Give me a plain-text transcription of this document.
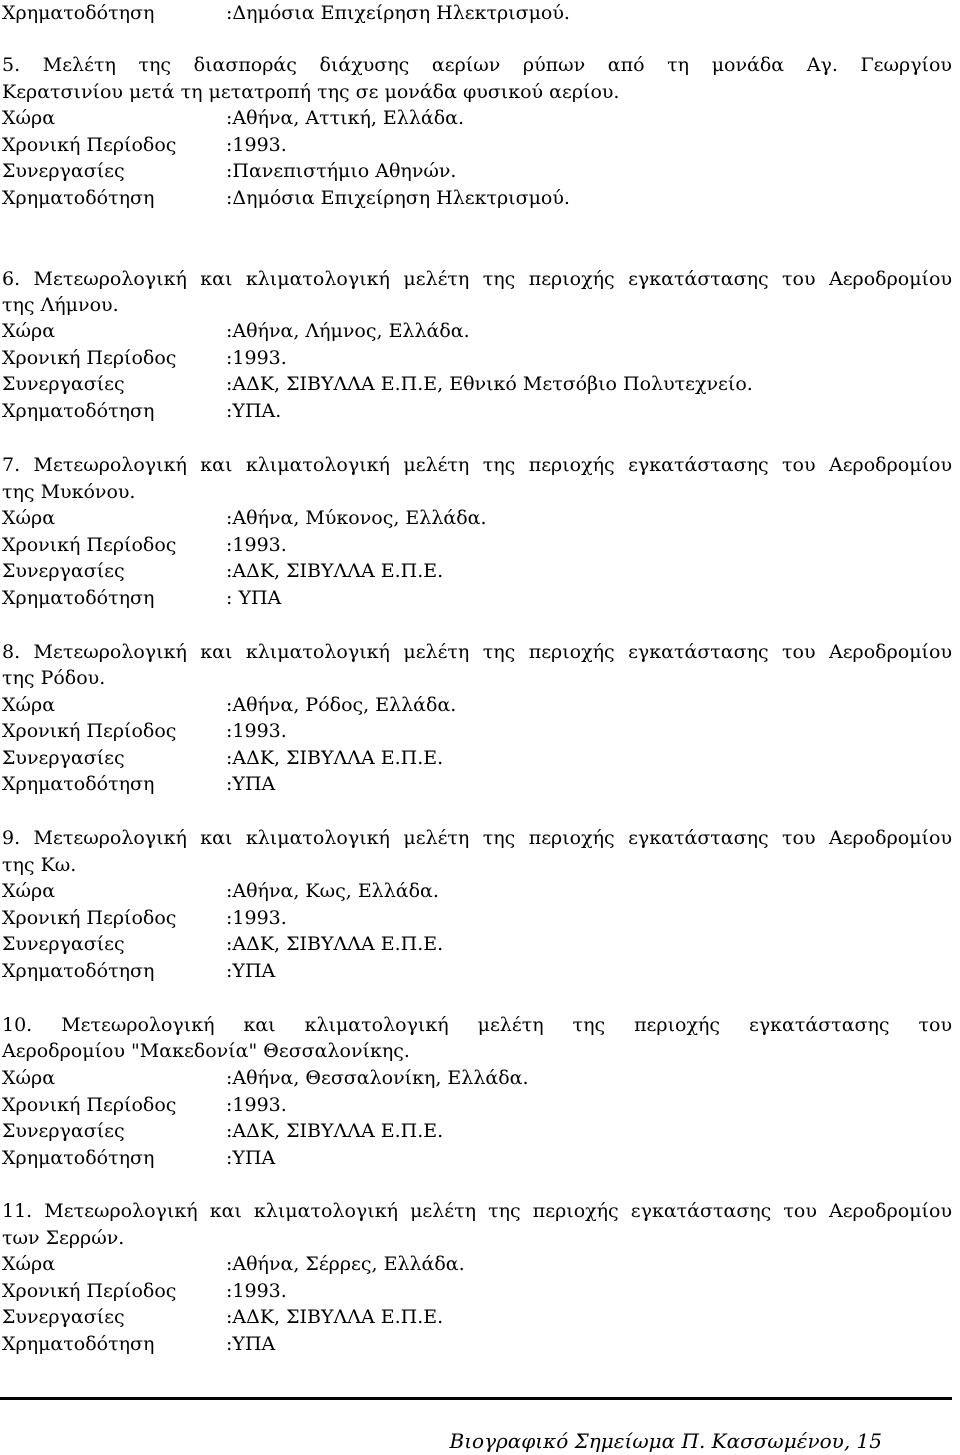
Χρηματοδότηση	:Δημόσια Επιχείρηση Ηλεκτρισμού.
5. Μελέτη της διασποράς διάχυσης αερίων ρύπων από τη μονάδα Αγ. Γεωργίου
Κερατσινίου μετά τη μετατροπή της σε μονάδα φυσικού αερίου.
Χώρα	:Αθήνα, Αττική, Ελλάδα.
Χρονική Περίοδος	:1993.
Συνεργασίες	:Πανεπιστήμιο Αθηνών.
Χρηματοδότηση	:Δημόσια Επιχείρηση Ηλεκτρισμού.
6. Μετεωρολογική και κλιματολογική μελέτη της περιοχής εγκατάστασης του Αεροδρομίου
της Λήμνου.
Χώρα	:Αθήνα, Λήμνος, Ελλάδα.
Χρονική Περίοδος	:1993.
Συνεργασίες	:ΑΔΚ, ΣΙΒΥΛΛΑ Ε.Π.Ε, Εθνικό Μετσόβιο Πολυτεχνείο.
Χρηματοδότηση	:ΥΠΑ.
7. Μετεωρολογική και κλιματολογική μελέτη της περιοχής εγκατάστασης του Αεροδρομίου
της Μυκόνου.
Χώρα	:Αθήνα, Μύκονος, Ελλάδα.
Χρονική Περίοδος	:1993.
Συνεργασίες	:ΑΔΚ, ΣΙΒΥΛΛΑ Ε.Π.Ε.
Χρηματοδότηση	: ΥΠΑ
8. Μετεωρολογική και κλιματολογική μελέτη της περιοχής εγκατάστασης του Αεροδρομίου
της Ρόδου.
Χώρα	:Αθήνα, Ρόδος, Ελλάδα.
Χρονική Περίοδος	:1993.
Συνεργασίες	:ΑΔΚ, ΣΙΒΥΛΛΑ Ε.Π.Ε.
Χρηματοδότηση	:ΥΠΑ
9. Μετεωρολογική και κλιματολογική μελέτη της περιοχής εγκατάστασης του Αεροδρομίου
της Κω.
Χώρα	:Αθήνα, Κως, Ελλάδα.
Χρονική Περίοδος	:1993.
Συνεργασίες	:ΑΔΚ, ΣΙΒΥΛΛΑ Ε.Π.Ε.
Χρηματοδότηση	:ΥΠΑ
10. Μετεωρολογική και κλιματολογική μελέτη της περιοχής εγκατάστασης του
Αεροδρομίου "Μακεδονία" Θεσσαλονίκης.
Χώρα	:Αθήνα, Θεσσαλονίκη, Ελλάδα.
Χρονική Περίοδος	:1993.
Συνεργασίες	:ΑΔΚ, ΣΙΒΥΛΛΑ Ε.Π.Ε.
Χρηματοδότηση	:ΥΠΑ
11. Μετεωρολογική και κλιματολογική μελέτη της περιοχής εγκατάστασης του Αεροδρομίου
των Σερρών.
Χώρα	:Αθήνα, Σέρρες, Ελλάδα.
Χρονική Περίοδος	:1993.
Συνεργασίες	:ΑΔΚ, ΣΙΒΥΛΛΑ Ε.Π.Ε.
Χρηματοδότηση	:ΥΠΑ
Βιογραφικό Σημείωμα Π. Κασσωμένου, 15
